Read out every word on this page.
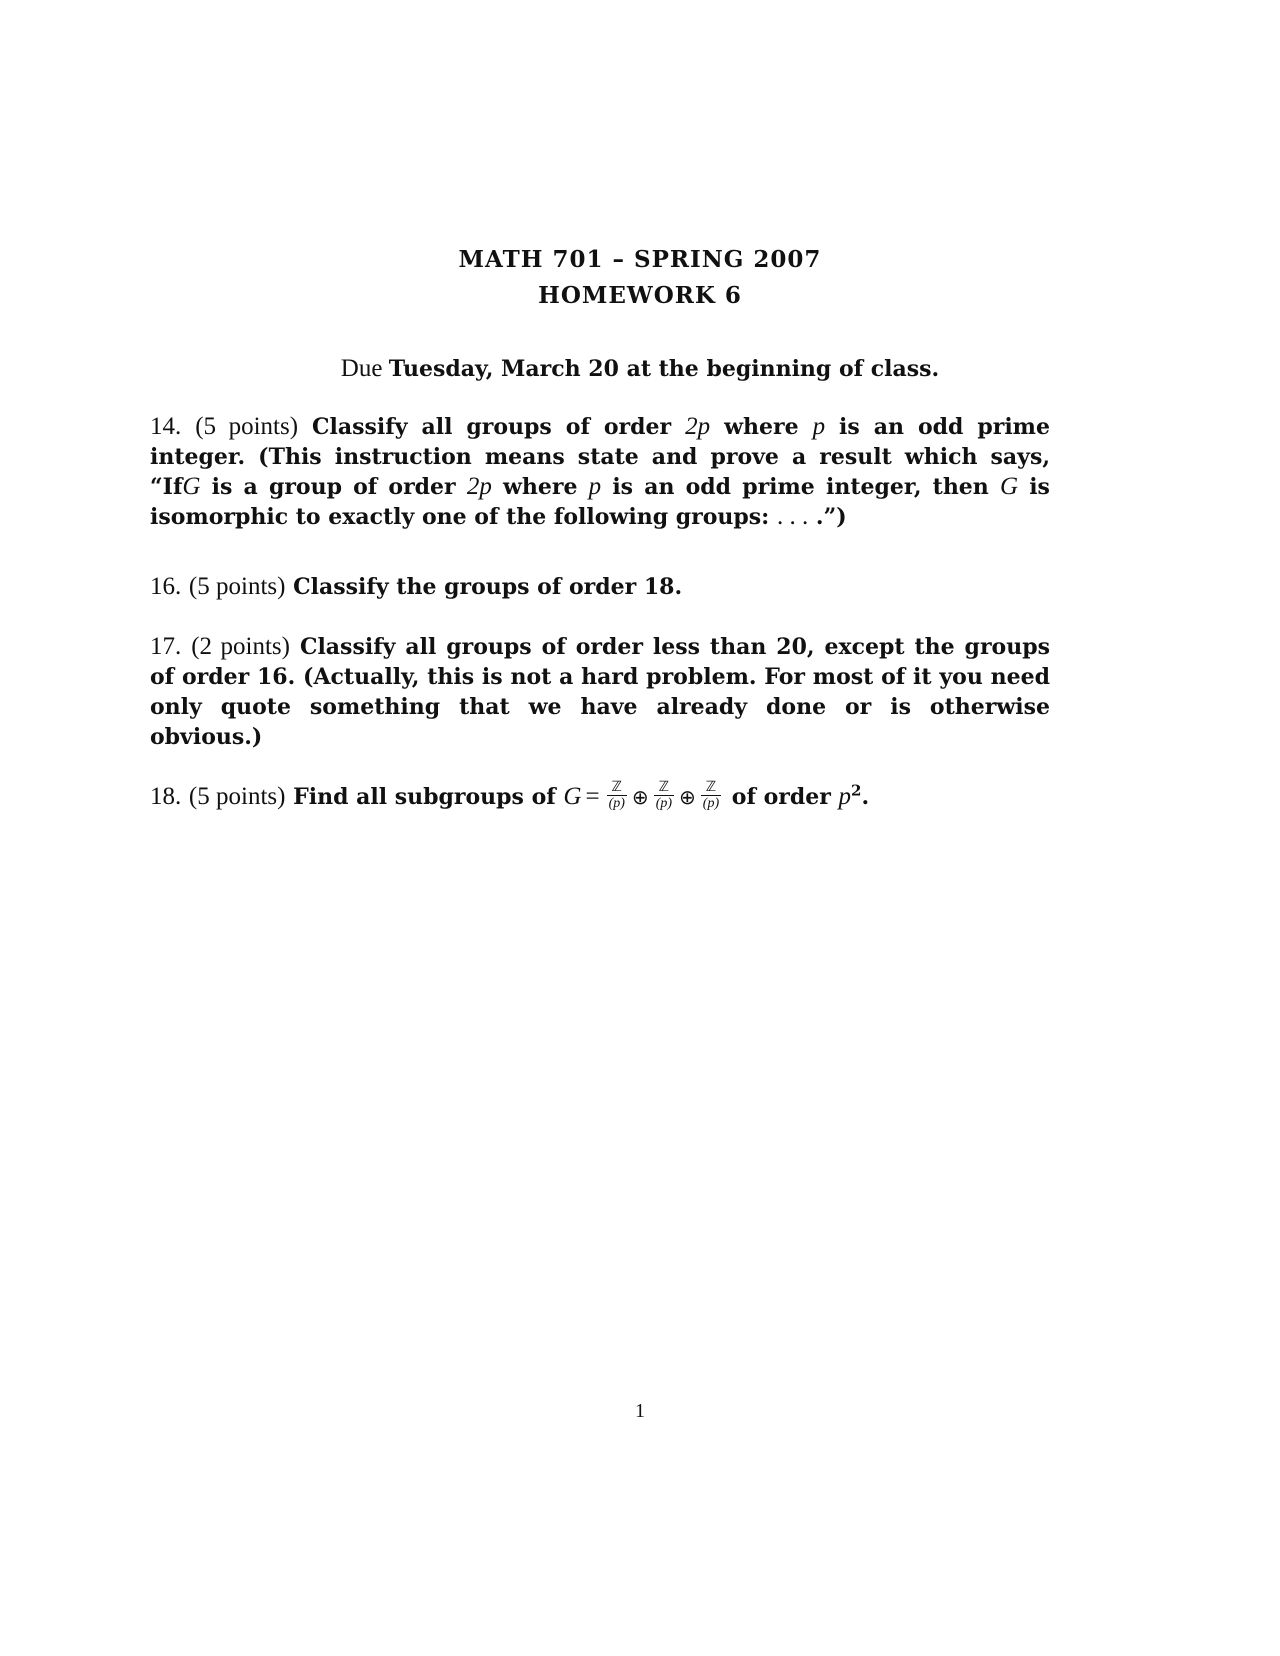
MATH 701 – SPRING 2007
HOMEWORK 6
Due Tuesday, March 20 at the beginning of class.
14. (5 points) Classify all groups of order 2p where p is an odd prime integer. (This instruction means state and prove a result which says, “IfG is a group of order 2p where p is an odd prime integer, then G is isomorphic to exactly one of the following groups: . . . .”)
16. (5 points) Classify the groups of order 18.
17. (2 points) Classify all groups of order less than 20, except the groups of order 16. (Actually, this is not a hard problem. For most of it you need only quote something that we have already done or is otherwise obvious.)
18. (5 points) Find all subgroups of $G = \frac{\text{ℤ}}{(p)}$ ⊕ $\frac{\text{ℤ}}{(p)}$ ⊕ $\frac{\text{ℤ}}{(p)}$ of order $p^2$.
1
